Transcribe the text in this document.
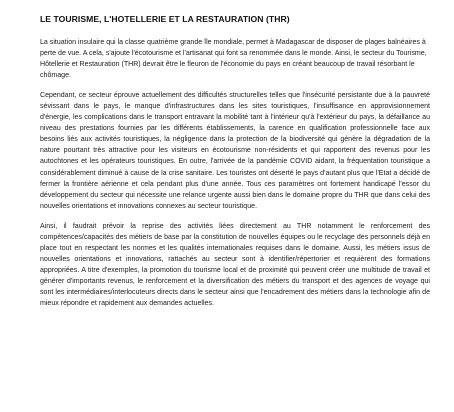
LE TOURISME, L'HOTELLERIE ET LA RESTAURATION (THR)

La situation insulaire qui la classe quatrième grande île mondiale, permet à Madagascar de disposer de plages balnéaires à perte de vue. A cela, s'ajoute l'écotourisme et l'artisanat qui font sa renommée dans le monde. Ainsi, le secteur du Tourisme, Hôtellerie et Restauration (THR) devrait être le fleuron de l'économie du pays en créant beaucoup de travail résorbant le chômage.

Cependant, ce secteur éprouve actuellement des difficultés structurelles telles que l'insécurité persistante due à la pauvreté sévissant dans le pays, le manque d'infrastructures dans les sites touristiques, l'insuffisance en approvisionnement d'énergie, les complications dans le transport entravant la mobilité tant à l'intérieur qu'à l'extérieur du pays, la défaillance au niveau des prestations fournies par les différents établissements, la carence en qualification professionnelle face aux besoins liés aux activités touristiques, la négligence dans la protection de la biodiversité qui génère la dégradation de la nature pourtant très attractive pour les visiteurs en écotourisme non-résidents et qui rapportent des revenus pour les autochtones et les opérateurs touristiques. En outre, l'arrivée de la pandémie COVID aidant, la fréquentation touristique a considérablement diminué à cause de la crise sanitaire. Les touristes ont déserté le pays d'autant plus que l'Etat a décidé de fermer la frontière aérienne et cela pendant plus d'une année. Tous ces paramètres ont fortement handicapé l'essor du développement du secteur qui nécessite une relance urgente aussi bien dans le domaine propre du THR que dans celui des nouvelles orientations et innovations connexes au secteur touristique.

Ainsi, il faudrait prévoir la reprise des activités liées directement au THR notamment le renforcement des compétences/capacités des métiers de base par la constitution de nouvelles équipes ou le recyclage des personnels déjà en place tout en respectant les normes et les qualités internationales requises dans le domaine. Aussi, les métiers issus de nouvelles orientations et innovations, rattachés au secteur sont à identifier/répertorier et requièrent des formations appropriées. A titre d'exemples, la promotion du tourisme local et de proximité qui peuvent créer une multitude de travail et générer d'importants revenus, le renforcement et la diversification des métiers du transport et des agences de voyage qui sont les intermédiaires/interlocuteurs directs dans le secteur ainsi que l'encadrement des métiers dans la technologie afin de mieux répondre et rapidement aux demandes actuelles.
